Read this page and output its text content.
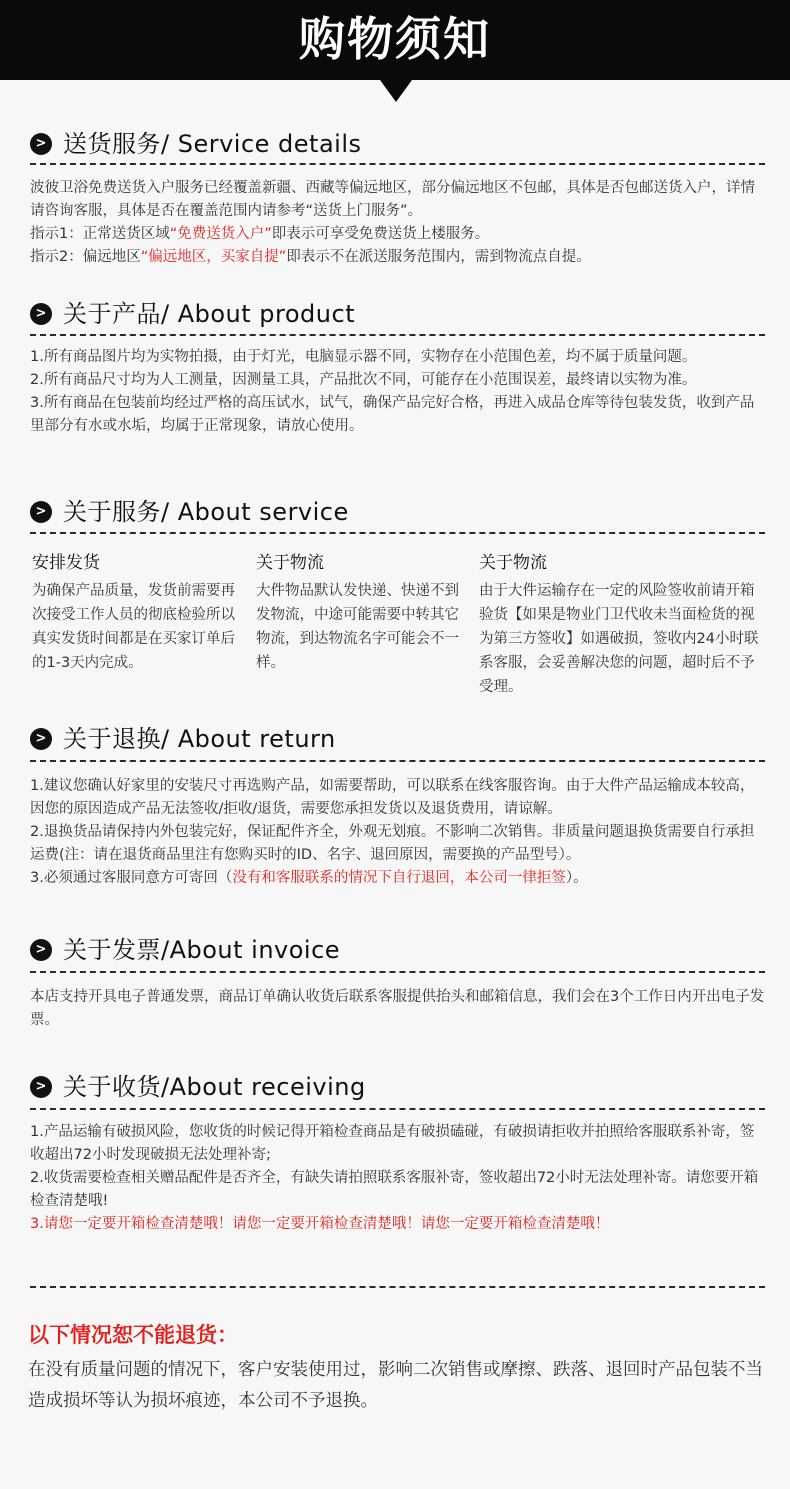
购物须知
> 送货服务/ Service details

波彼卫浴免费送货入户服务已经覆盖新疆、西藏等偏远地区，部分偏远地区不包邮，具体是否包邮送货入户，详情请咨询客服，具体是否在覆盖范围内请参考“送货上门服务”。

指示1：正常送货区域“免费送货入户”即表示可享受免费送货上楼服务。

指示2：偏远地区“偏远地区，买家自提”即表示不在派送服务范围内，需到物流点自提。

> 关于产品/ About product

1.所有商品图片均为实物拍摄，由于灯光，电脑显示器不同，实物存在小范围色差，均不属于质量问题。

2.所有商品尺寸均为人工测量，因测量工具，产品批次不同，可能存在小范围误差，最终请以实物为准。

3.所有商品在包装前均经过严格的高压试水，试气，确保产品完好合格，再进入成品仓库等待包装发货，收到产品里部分有水或水垢，均属于正常现象，请放心使用。

> 关于服务/ About service
安排发货
为确保产品质量，发货前需要再次接受工作人员的彻底检验所以真实发货时间都是在买家订单后的1-3天内完成。
关于物流
大件物品默认发快递、快递不到发物流，中途可能需要中转其它物流，到达物流名字可能会不一样。
关于物流
由于大件运输存在一定的风险签收前请开箱验货【如果是物业门卫代收未当面检货的视为第三方签收】如遇破损，签收内24小时联系客服，会妥善解决您的问题，超时后不予受理。
> 关于退换/ About return

1.建议您确认好家里的安装尺寸再选购产品，如需要帮助，可以联系在线客服咨询。由于大件产品运输成本较高，因您的原因造成产品无法签收/拒收/退货，需要您承担发货以及退货费用，请谅解。

2.退换货品请保持内外包装完好，保证配件齐全，外观无划痕。不影响二次销售。非质量问题退换货需要自行承担运费(注：请在退货商品里注有您购买时的ID、名字、退回原因，需要换的产品型号）。

3.必须通过客服同意方可寄回（没有和客服联系的情况下自行退回，本公司一律拒签）。

> 关于发票/About invoice

本店支持开具电子普通发票，商品订单确认收货后联系客服提供抬头和邮箱信息，我们会在3个工作日内开出电子发票。

> 关于收货/About receiving

1.产品运输有破损风险，您收货的时候记得开箱检查商品是有破损磕碰，有破损请拒收并拍照给客服联系补寄，签收超出72小时发现破损无法处理补寄;

2.收货需要检查相关赠品配件是否齐全，有缺失请拍照联系客服补寄，签收超出72小时无法处理补寄。请您要开箱检查清楚哦!

3.请您一定要开箱检查清楚哦！请您一定要开箱检查清楚哦！请您一定要开箱检查清楚哦！

以下情况恕不能退货：
在没有质量问题的情况下，客户安装使用过，影响二次销售或摩擦、跌落、退回时产品包装不当造成损坏等认为损坏痕迹，本公司不予退换。
